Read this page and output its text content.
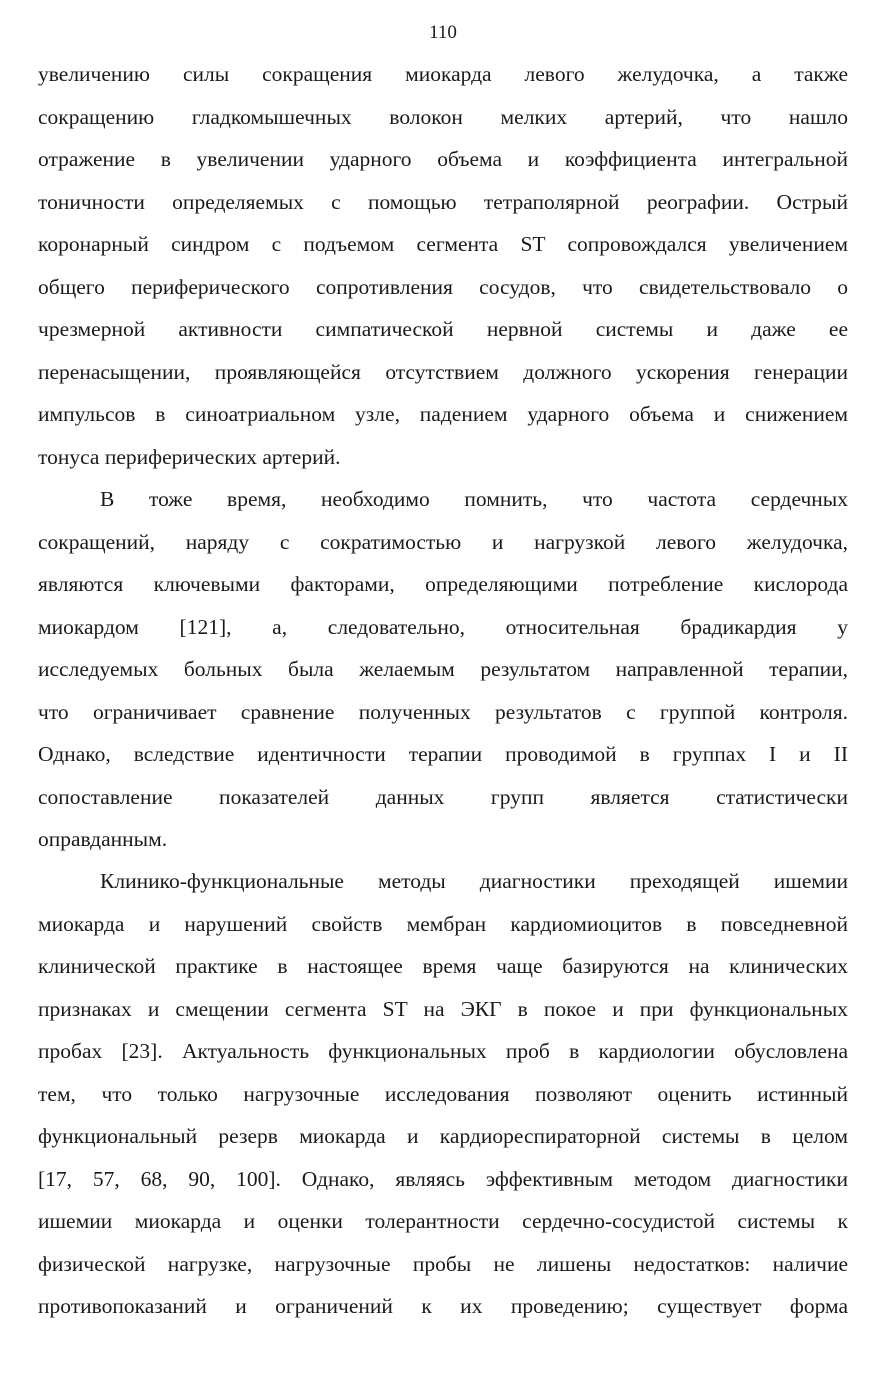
110
увеличению силы сокращения миокарда левого желудочка, а также
сокращению гладкомышечных волокон мелких артерий, что нашло
отражение в увеличении ударного объема и коэффициента интегральной
тоничности определяемых с помощью тетраполярной реографии. Острый
коронарный синдром с подъемом сегмента ST сопровождался увеличением
общего периферического сопротивления сосудов, что свидетельствовало о
чрезмерной активности симпатической нервной системы и даже ее
перенасыщении, проявляющейся отсутствием должного ускорения генерации
импульсов в синоатриальном узле, падением ударного объема и снижением
тонуса периферических артерий.
В тоже время, необходимо помнить, что частота сердечных
сокращений, наряду с сократимостью и нагрузкой левого желудочка,
являются ключевыми факторами, определяющими потребление кислорода
миокардом [121], а, следовательно, относительная брадикардия у
исследуемых больных была желаемым результатом направленной терапии,
что ограничивает сравнение полученных результатов с группой контроля.
Однако, вследствие идентичности терапии проводимой в группах I и II
сопоставление показателей данных групп является статистически
оправданным.
Клинико-функциональные методы диагностики преходящей ишемии
миокарда и нарушений свойств мембран кардиомиоцитов в повседневной
клинической практике в настоящее время чаще базируются на клинических
признаках и смещении сегмента ST на ЭКГ в покое и при функциональных
пробах [23]. Актуальность функциональных проб в кардиологии обусловлена
тем, что только нагрузочные исследования позволяют оценить истинный
функциональный резерв миокарда и кардиореспираторной системы в целом
[17, 57, 68, 90, 100]. Однако, являясь эффективным методом диагностики
ишемии миокарда и оценки толерантности сердечно-сосудистой системы к
физической нагрузке, нагрузочные пробы не лишены недостатков: наличие
противопоказаний и ограничений к их проведению; существует форма
